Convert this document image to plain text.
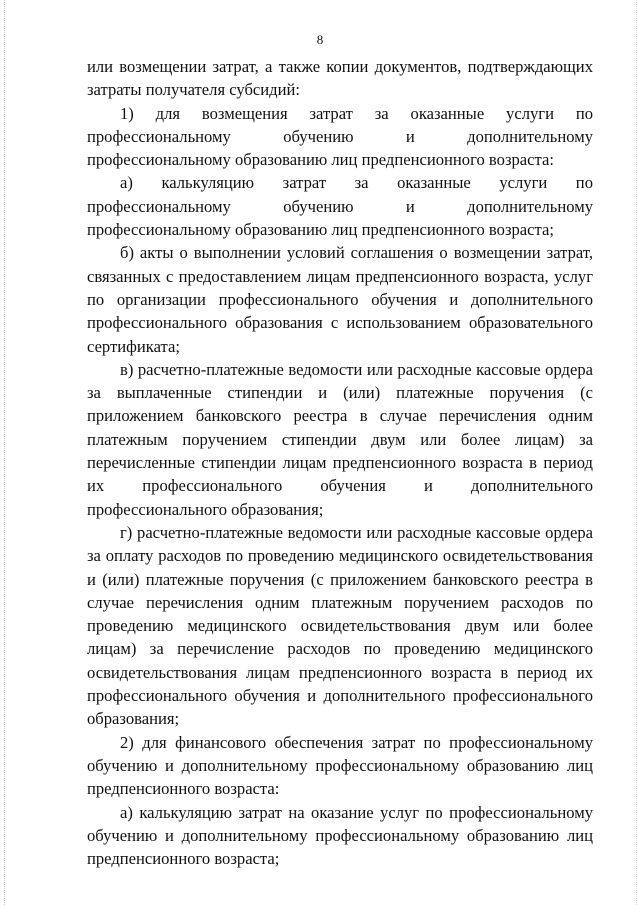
8

или возмещении затрат, а также копии документов, подтверждающих затраты получателя субсидий:

1) для возмещения затрат за оказанные услуги по профессиональному обучению и дополнительному профессиональному образованию лиц предпенсионного возраста:

а) калькуляцию затрат за оказанные услуги по профессиональному обучению и дополнительному профессиональному образованию лиц предпенсионного возраста;

б) акты о выполнении условий соглашения о возмещении затрат, связанных с предоставлением лицам предпенсионного возраста, услуг по организации профессионального обучения и дополнительного профессионального образования с использованием образовательного сертификата;

в) расчетно-платежные ведомости или расходные кассовые ордера за выплаченные стипендии и (или) платежные поручения (с приложением банковского реестра в случае перечисления одним платежным поручением стипендии двум или более лицам) за перечисленные стипендии лицам предпенсионного возраста в период их профессионального обучения и дополнительного профессионального образования;

г) расчетно-платежные ведомости или расходные кассовые ордера за оплату расходов по проведению медицинского освидетельствования и (или) платежные поручения (с приложением банковского реестра в случае перечисления одним платежным поручением расходов по проведению медицинского освидетельствования двум или более лицам) за перечисление расходов по проведению медицинского освидетельствования лицам предпенсионного возраста в период их профессионального обучения и дополнительного профессионального образования;

2) для финансового обеспечения затрат по профессиональному обучению и дополнительному профессиональному образованию лиц предпенсионного возраста:

а) калькуляцию затрат на оказание услуг по профессиональному обучению и дополнительному профессиональному образованию лиц предпенсионного возраста;
